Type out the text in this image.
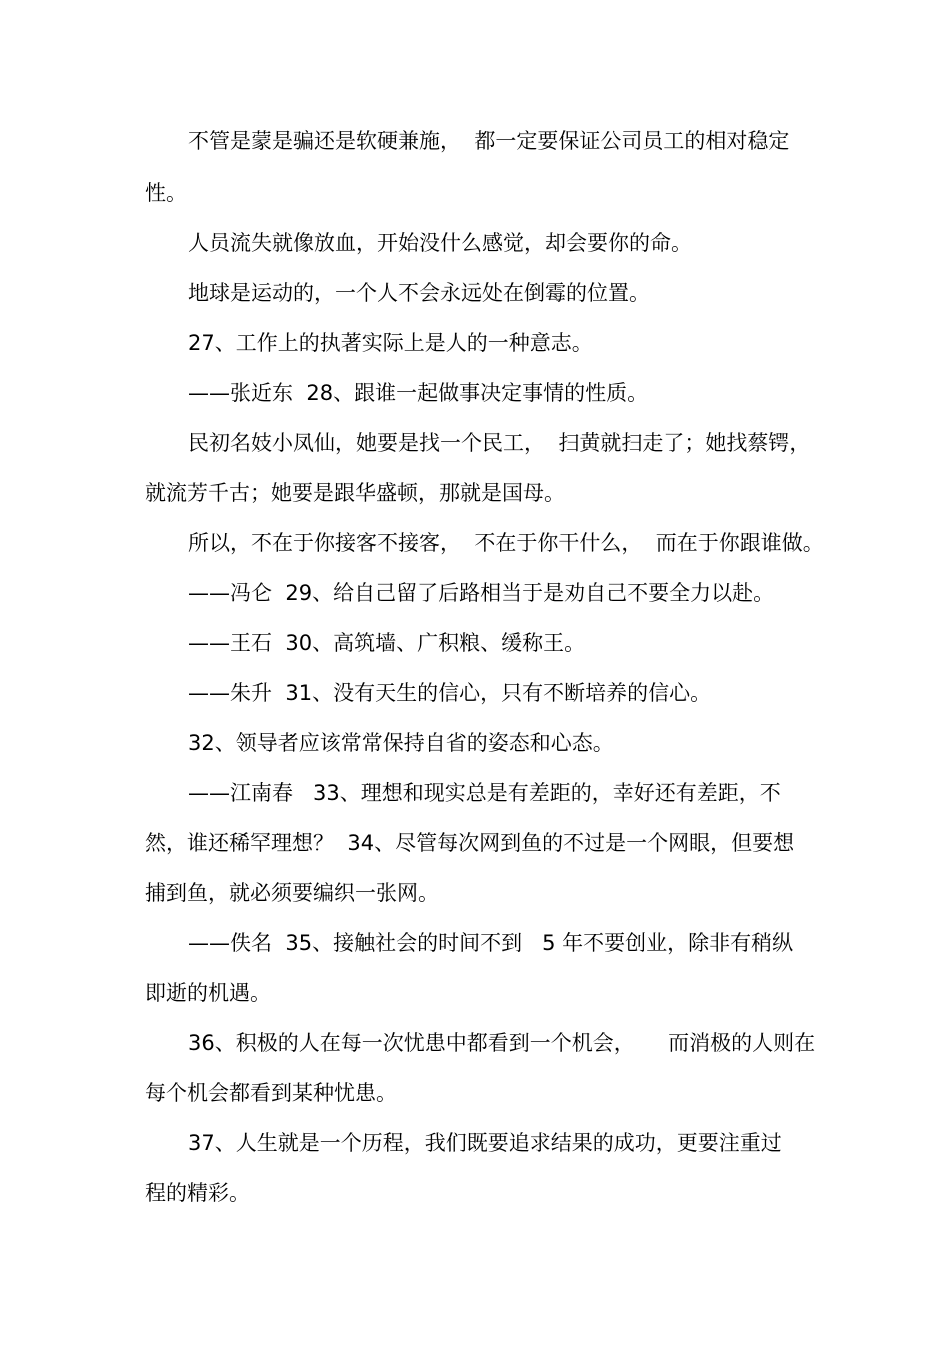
不管是蒙是骗还是软硬兼施，  都一定要保证公司员工的相对稳定
性。
人员流失就像放血，开始没什么感觉，却会要你的命。
地球是运动的，一个人不会永远处在倒霉的位置。
27、工作上的执著实际上是人的一种意志。
——张近东  28、跟谁一起做事决定事情的性质。
民初名妓小凤仙，她要是找一个民工，  扫黄就扫走了；她找蔡锷，
就流芳千古；她要是跟华盛顿，那就是国母。
所以，不在于你接客不接客，  不在于你干什么，  而在于你跟谁做。
——冯仑  29、给自己留了后路相当于是劝自己不要全力以赴。
——王石  30、高筑墙、广积粮、缓称王。
——朱升  31、没有天生的信心，只有不断培养的信心。
32、领导者应该常常保持自省的姿态和心态。
——江南春   33、理想和现实总是有差距的，幸好还有差距，不
然，谁还稀罕理想？  34、尽管每次网到鱼的不过是一个网眼，但要想
捕到鱼，就必须要编织一张网。
——佚名  35、接触社会的时间不到   5 年不要创业，除非有稍纵
即逝的机遇。
36、积极的人在每一次忧患中都看到一个机会，     而消极的人则在
每个机会都看到某种忧患。
37、人生就是一个历程，我们既要追求结果的成功，更要注重过
程的精彩。
